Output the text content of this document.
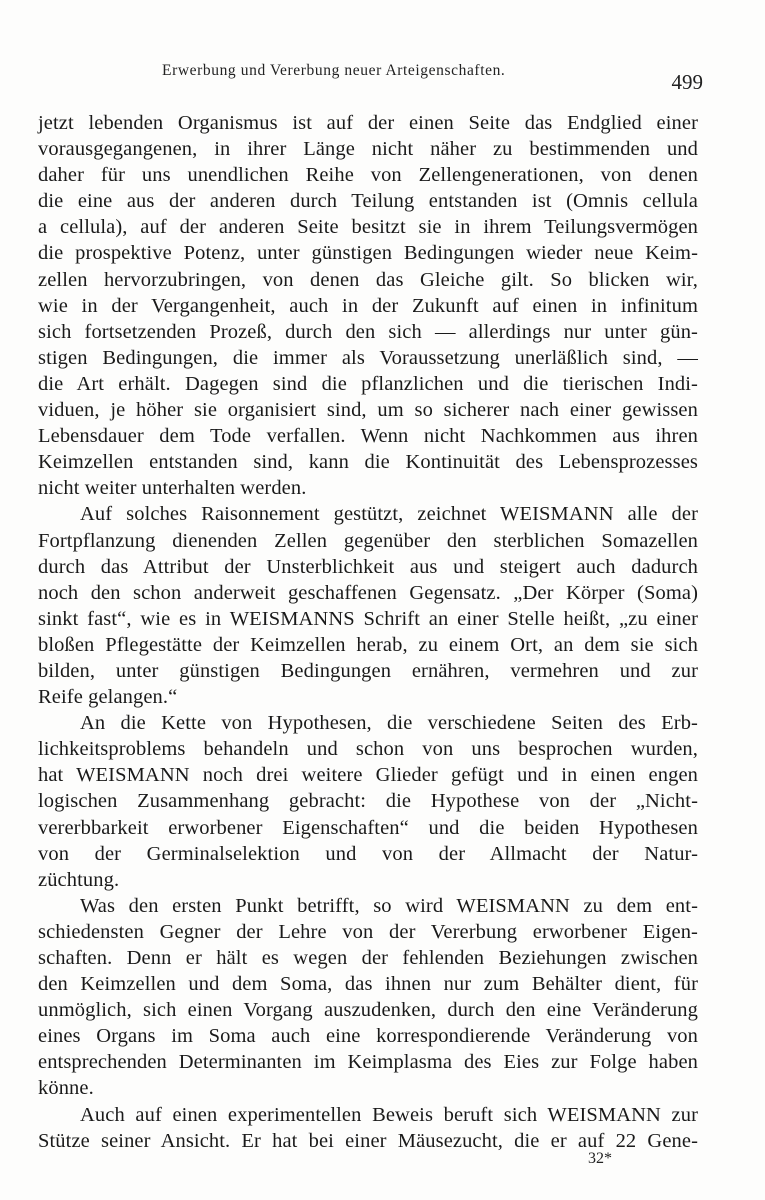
Erwerbung und Vererbung neuer Arteigenschaften.	499
jetzt lebenden Organismus ist auf der einen Seite das Endglied einer
vorausgegangenen, in ihrer Länge nicht näher zu bestimmenden und
daher für uns unendlichen Reihe von Zellengenerationen, von denen
die eine aus der anderen durch Teilung entstanden ist (Omnis cellula
a cellula), auf der anderen Seite besitzt sie in ihrem Teilungsvermögen
die prospektive Potenz, unter günstigen Bedingungen wieder neue Keim-
zellen hervorzubringen, von denen das Gleiche gilt. So blicken wir,
wie in der Vergangenheit, auch in der Zukunft auf einen in infinitum
sich fortsetzenden Prozeß, durch den sich — allerdings nur unter gün-
stigen Bedingungen, die immer als Voraussetzung unerläßlich sind, —
die Art erhält. Dagegen sind die pflanzlichen und die tierischen Indi-
viduen, je höher sie organisiert sind, um so sicherer nach einer gewissen
Lebensdauer dem Tode verfallen. Wenn nicht Nachkommen aus ihren
Keimzellen entstanden sind, kann die Kontinuität des Lebensprozesses
nicht weiter unterhalten werden.
Auf solches Raisonnement gestützt, zeichnet WEISMANN alle der
Fortpflanzung dienenden Zellen gegenüber den sterblichen Somazellen
durch das Attribut der Unsterblichkeit aus und steigert auch dadurch
noch den schon anderweit geschaffenen Gegensatz. „Der Körper (Soma)
sinkt fast“, wie es in WEISMANNS Schrift an einer Stelle heißt, „zu einer
bloßen Pflegestätte der Keimzellen herab, zu einem Ort, an dem sie sich
bilden, unter günstigen Bedingungen ernähren, vermehren und zur
Reife gelangen.“
An die Kette von Hypothesen, die verschiedene Seiten des Erb-
lichkeitsproblems behandeln und schon von uns besprochen wurden,
hat WEISMANN noch drei weitere Glieder gefügt und in einen engen
logischen Zusammenhang gebracht: die Hypothese von der „Nicht-
vererbbarkeit erworbener Eigenschaften“ und die beiden Hypothesen
von der Germinalselektion und von der Allmacht der Natur-
züchtung.
Was den ersten Punkt betrifft, so wird WEISMANN zu dem ent-
schiedensten Gegner der Lehre von der Vererbung erworbener Eigen-
schaften. Denn er hält es wegen der fehlenden Beziehungen zwischen
den Keimzellen und dem Soma, das ihnen nur zum Behälter dient, für
unmöglich, sich einen Vorgang auszudenken, durch den eine Veränderung
eines Organs im Soma auch eine korrespondierende Veränderung von
entsprechenden Determinanten im Keimplasma des Eies zur Folge haben
könne.
Auch auf einen experimentellen Beweis beruft sich WEISMANN zur
Stütze seiner Ansicht. Er hat bei einer Mäusezucht, die er auf 22 Gene-
32*
